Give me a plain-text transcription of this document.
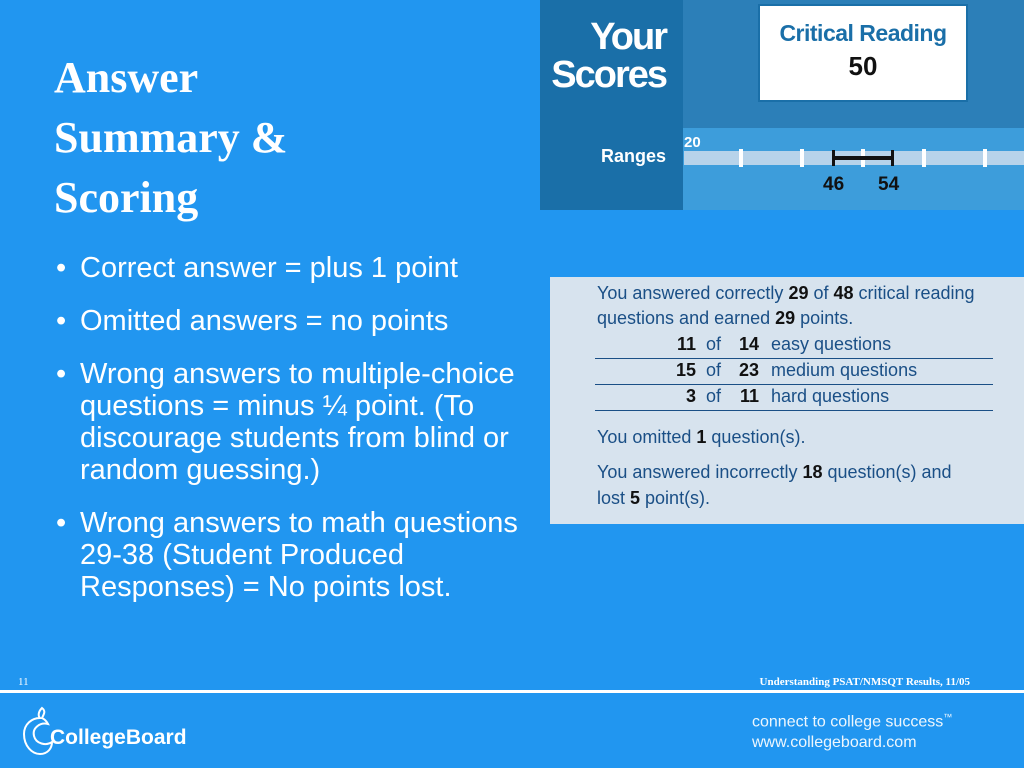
Answer
Summary &
Scoring
• Correct answer = plus 1 point
• Omitted answers = no points
• Wrong answers to multiple-choice questions = minus ¼ point. (To discourage students from blind or random guessing.)
• Wrong answers to math questions 29-38 (Student Produced Responses) = No points lost.
Your
Scores
Ranges
Critical Reading
50
20
46 54
You answered correctly 29 of 48 critical reading
questions and earned 29 points.
11 of 14 easy questions
15 of 23 medium questions
3 of	11 hard questions
You omitted 1 question(s).
You answered incorrectly 18 question(s) and
lost 5 point(s).
11	Understanding PSAT/NMSQT Results, 11/05
CollegeBoard
connect to college success™
www.collegeboard.com
